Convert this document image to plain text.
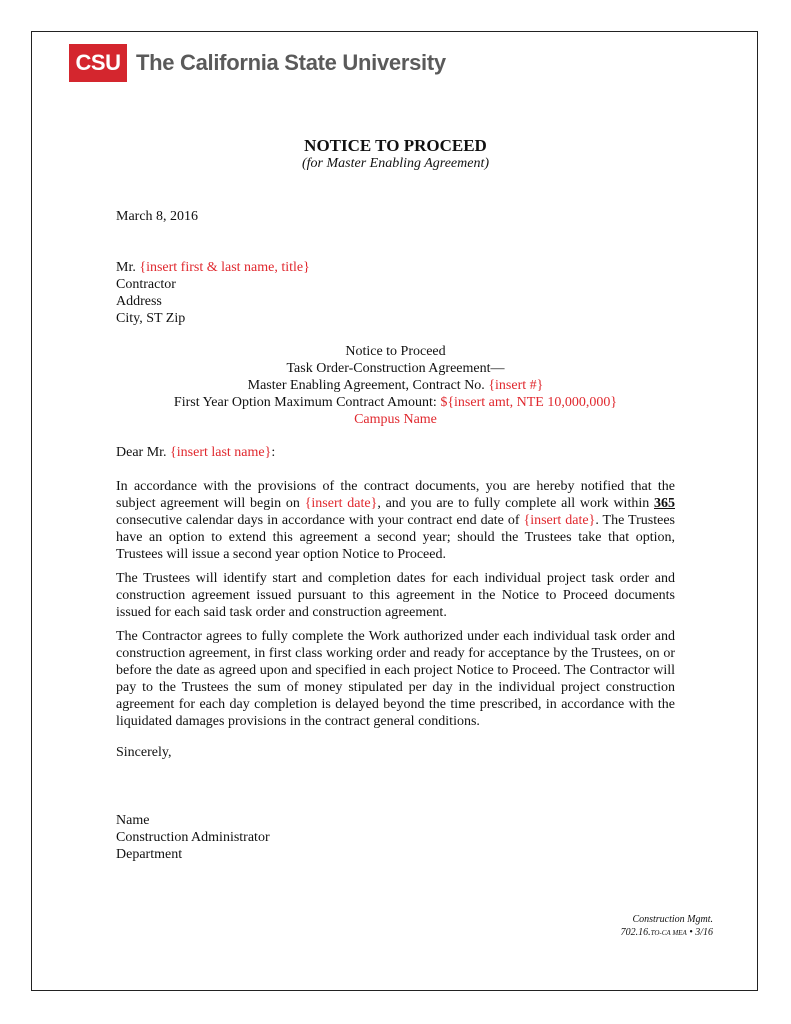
CSU The California State University
NOTICE TO PROCEED
(for Master Enabling Agreement)
March 8, 2016
Mr. {insert first & last name, title}
Contractor
Address
City, ST Zip
Notice to Proceed
Task Order-Construction Agreement—
Master Enabling Agreement, Contract No. {insert #}
First Year Option Maximum Contract Amount: ${insert amt, NTE 10,000,000}
Campus Name
Dear Mr. {insert last name}:

In accordance with the provisions of the contract documents, you are hereby notified that the subject agreement will begin on {insert date}, and you are to fully complete all work within 365 consecutive calendar days in accordance with your contract end date of {insert date}. The Trustees have an option to extend this agreement a second year; should the Trustees take that option, Trustees will issue a second year option Notice to Proceed.

The Trustees will identify start and completion dates for each individual project task order and construction agreement issued pursuant to this agreement in the Notice to Proceed documents issued for each said task order and construction agreement.

The Contractor agrees to fully complete the Work authorized under each individual task order and construction agreement, in first class working order and ready for acceptance by the Trustees, on or before the date as agreed upon and specified in each project Notice to Proceed. The Contractor will pay to the Trustees the sum of money stipulated per day in the individual project construction agreement for each day completion is delayed beyond the time prescribed, in accordance with the liquidated damages provisions in the contract general conditions.

Sincerely,
Name
Construction Administrator
Department
Construction Mgmt.
702.16.TO-CA MEA • 3/16
